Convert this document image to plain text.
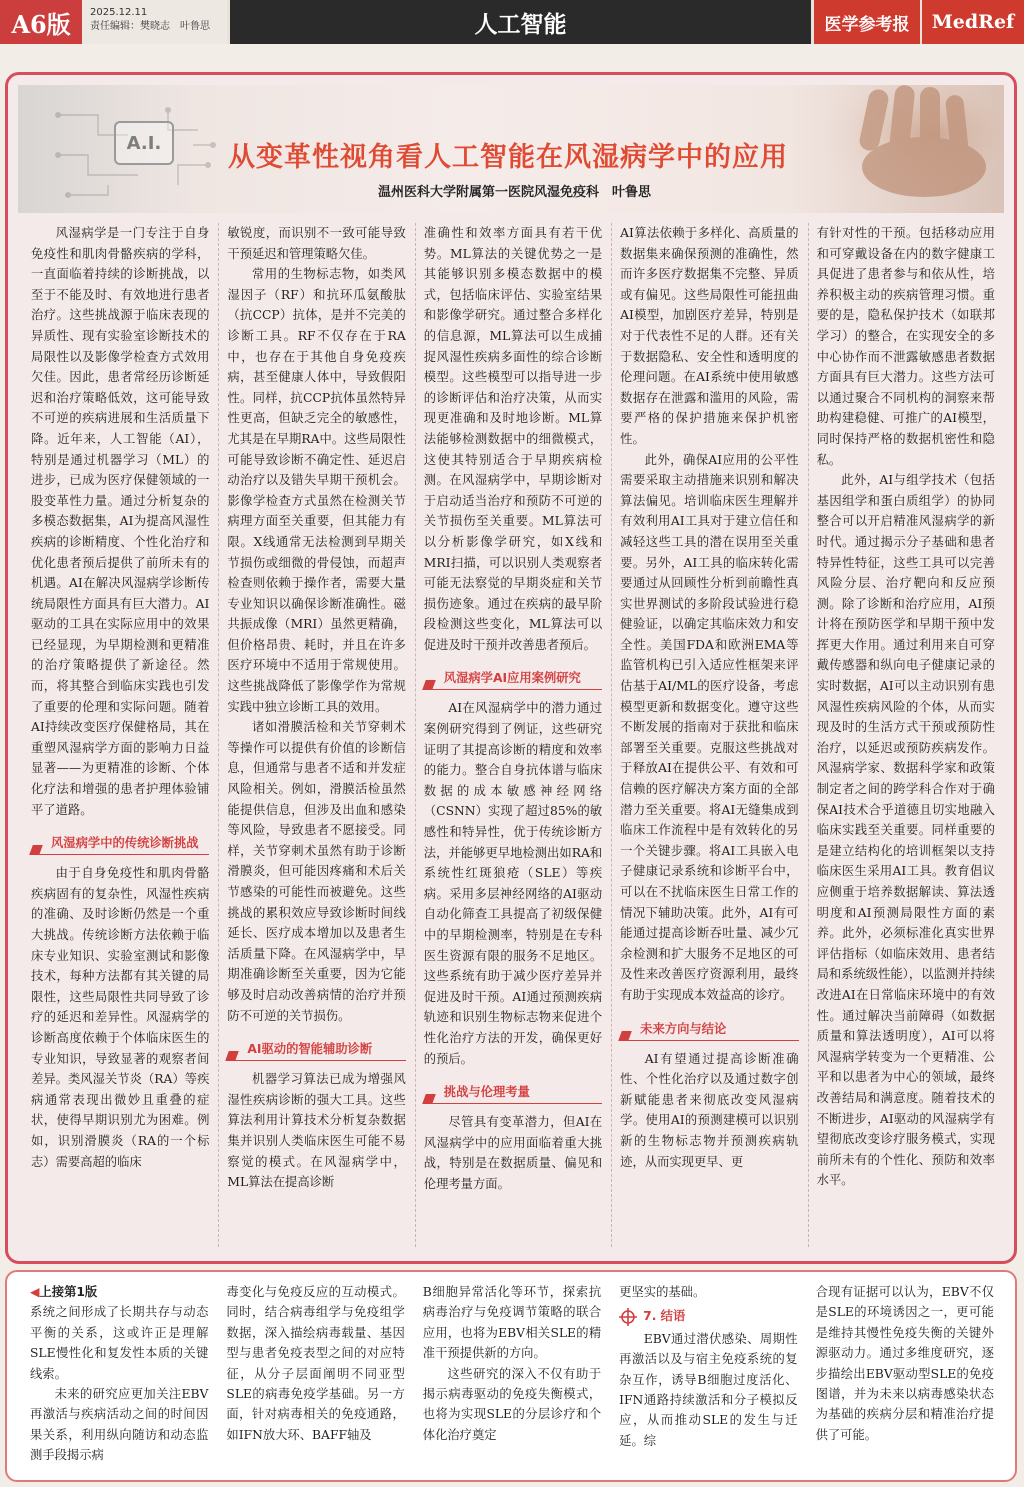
A6版	2025.12.11
责任编辑：樊晓志　叶鲁思	人工智能	医学参考报	MedRef
A.I.	从变革性视角看人工智能在风湿病学中的应用
温州医科大学附属第一医院风湿免疫科　叶鲁思

风湿病学是一门专注于自身免疫性和肌肉骨骼疾病的学科，一直面临着持续的诊断挑战，以至于不能及时、有效地进行患者治疗。这些挑战源于临床表现的异质性、现有实验室诊断技术的局限性以及影像学检查方式效用欠佳。因此，患者常经历诊断延迟和治疗策略低效，这可能导致不可逆的疾病进展和生活质量下降。近年来，人工智能（AI），特别是通过机器学习（ML）的进步，已成为医疗保健领域的一股变革性力量。通过分析复杂的多模态数据集，AI为提高风湿性疾病的诊断精度、个性化治疗和优化患者预后提供了前所未有的机遇。AI在解决风湿病学诊断传统局限性方面具有巨大潜力。AI驱动的工具在实际应用中的效果已经显现，为早期检测和更精准的治疗策略提供了新途径。然而，将其整合到临床实践也引发了重要的伦理和实际问题。随着AI持续改变医疗保健格局，其在重塑风湿病学方面的影响力日益显著——为更精准的诊断、个体化疗法和增强的患者护理体验铺平了道路。

风湿病学中的传统诊断挑战

由于自身免疫性和肌肉骨骼疾病固有的复杂性，风湿性疾病的准确、及时诊断仍然是一个重大挑战。传统诊断方法依赖于临床专业知识、实验室测试和影像技术，每种方法都有其关键的局限性，这些局限性共同导致了诊疗的延迟和差异性。风湿病学的诊断高度依赖于个体临床医生的专业知识，导致显著的观察者间差异。类风湿关节炎（RA）等疾病通常表现出微妙且重叠的症状，使得早期识别尤为困难。例如，识别滑膜炎（RA的一个标志）需要高超的临床

敏锐度，而识别不一致可能导致干预延迟和管理策略欠佳。

常用的生物标志物，如类风湿因子（RF）和抗环瓜氨酸肽（抗CCP）抗体，是并不完美的诊断工具。RF不仅存在于RA中，也存在于其他自身免疫疾病，甚至健康人体中，导致假阳性。同样，抗CCP抗体虽然特异性更高，但缺乏完全的敏感性，尤其是在早期RA中。这些局限性可能导致诊断不确定性、延迟启动治疗以及错失早期干预机会。影像学检查方式虽然在检测关节病理方面至关重要，但其能力有限。X线通常无法检测到早期关节损伤或细微的骨侵蚀，而超声检查则依赖于操作者，需要大量专业知识以确保诊断准确性。磁共振成像（MRI）虽然更精确，但价格昂贵、耗时，并且在许多医疗环境中不适用于常规使用。这些挑战降低了影像学作为常规实践中独立诊断工具的效用。

诸如滑膜活检和关节穿刺术等操作可以提供有价值的诊断信息，但通常与患者不适和并发症风险相关。例如，滑膜活检虽然能提供信息，但涉及出血和感染等风险，导致患者不愿接受。同样，关节穿刺术虽然有助于诊断滑膜炎，但可能因疼痛和术后关节感染的可能性而被避免。这些挑战的累积效应导致诊断时间线延长、医疗成本增加以及患者生活质量下降。在风湿病学中，早期准确诊断至关重要，因为它能够及时启动改善病情的治疗并预防不可逆的关节损伤。

AI驱动的智能辅助诊断

机器学习算法已成为增强风湿性疾病诊断的强大工具。这些算法利用计算技术分析复杂数据集并识别人类临床医生可能不易察觉的模式。在风湿病学中，ML算法在提高诊断

准确性和效率方面具有若干优势。ML算法的关键优势之一是其能够识别多模态数据中的模式，包括临床评估、实验室结果和影像学研究。通过整合多样化的信息源，ML算法可以生成捕捉风湿性疾病多面性的综合诊断模型。这些模型可以指导进一步的诊断评估和治疗决策，从而实现更准确和及时地诊断。ML算法能够检测数据中的细微模式，这使其特别适合于早期疾病检测。在风湿病学中，早期诊断对于启动适当治疗和预防不可逆的关节损伤至关重要。ML算法可以分析影像学研究，如X线和MRI扫描，可以识别人类观察者可能无法察觉的早期炎症和关节损伤迹象。通过在疾病的最早阶段检测这些变化，ML算法可以促进及时干预并改善患者预后。

风湿病学AI应用案例研究

AI在风湿病学中的潜力通过案例研究得到了例证，这些研究证明了其提高诊断的精度和效率的能力。整合自身抗体谱与临床数据的成本敏感神经网络（CSNN）实现了超过85%的敏感性和特异性，优于传统诊断方法，并能够更早地检测出如RA和系统性红斑狼疮（SLE）等疾病。采用多层神经网络的AI驱动自动化筛查工具提高了初级保健中的早期检测率，特别是在专科医生资源有限的服务不足地区。这些系统有助于减少医疗差异并促进及时干预。AI通过预测疾病轨迹和识别生物标志物来促进个性化治疗方法的开发，确保更好的预后。

挑战与伦理考量

尽管具有变革潜力，但AI在风湿病学中的应用面临着重大挑战，特别是在数据质量、偏见和伦理考量方面。

AI算法依赖于多样化、高质量的数据集来确保预测的准确性，然而许多医疗数据集不完整、异质或有偏见。这些局限性可能扭曲AI模型，加剧医疗差异，特别是对于代表性不足的人群。还有关于数据隐私、安全性和透明度的伦理问题。在AI系统中使用敏感数据存在泄露和滥用的风险，需要严格的保护措施来保护机密性。

此外，确保AI应用的公平性需要采取主动措施来识别和解决算法偏见。培训临床医生理解并有效利用AI工具对于建立信任和减轻这些工具的潜在误用至关重要。另外，AI工具的临床转化需要通过从回顾性分析到前瞻性真实世界测试的多阶段试验进行稳健验证，以确定其临床效力和安全性。美国FDA和欧洲EMA等监管机构已引入适应性框架来评估基于AI/ML的医疗设备，考虑模型更新和数据变化。遵守这些不断发展的指南对于获批和临床部署至关重要。克服这些挑战对于释放AI在提供公平、有效和可信赖的医疗解决方案方面的全部潜力至关重要。将AI无缝集成到临床工作流程中是有效转化的另一个关键步骤。将AI工具嵌入电子健康记录系统和诊断平台中，可以在不扰临床医生日常工作的情况下辅助决策。此外，AI有可能通过提高诊断吞吐量、减少冗余检测和扩大服务不足地区的可及性来改善医疗资源利用，最终有助于实现成本效益高的诊疗。

未来方向与结论

AI有望通过提高诊断准确性、个性化治疗以及通过数字创新赋能患者来彻底改变风湿病学。使用AI的预测建模可以识别新的生物标志物并预测疾病轨迹，从而实现更早、更

有针对性的干预。包括移动应用和可穿戴设备在内的数字健康工具促进了患者参与和依从性，培养积极主动的疾病管理习惯。重要的是，隐私保护技术（如联邦学习）的整合，在实现安全的多中心协作而不泄露敏感患者数据方面具有巨大潜力。这些方法可以通过聚合不同机构的洞察来帮助构建稳健、可推广的AI模型，同时保持严格的数据机密性和隐私。

此外，AI与组学技术（包括基因组学和蛋白质组学）的协同整合可以开启精准风湿病学的新时代。通过揭示分子基础和患者特异性特征，这些工具可以完善风险分层、治疗靶向和反应预测。除了诊断和治疗应用，AI预计将在预防医学和早期干预中发挥更大作用。通过利用来自可穿戴传感器和纵向电子健康记录的实时数据，AI可以主动识别有患风湿性疾病风险的个体，从而实现及时的生活方式干预或预防性治疗，以延迟或预防疾病发作。风湿病学家、数据科学家和政策制定者之间的跨学科合作对于确保AI技术合乎道德且切实地融入临床实践至关重要。同样重要的是建立结构化的培训框架以支持临床医生采用AI工具。教育倡议应侧重于培养数据解读、算法透明度和AI预测局限性方面的素养。此外，必须标准化真实世界评估指标（如临床效用、患者结局和系统级性能），以监测并持续改进AI在日常临床环境中的有效性。通过解决当前障碍（如数据质量和算法透明度），AI可以将风湿病学转变为一个更精准、公平和以患者为中心的领域，最终改善结局和满意度。随着技术的不断进步，AI驱动的风湿病学有望彻底改变诊疗服务模式，实现前所未有的个性化、预防和效率水平。

◀上接第1版

系统之间形成了长期共存与动态平衡的关系，这或许正是理解SLE慢性化和复发性本质的关键线索。

未来的研究应更加关注EBV再激活与疾病活动之间的时间因果关系，利用纵向随访和动态监测手段揭示病

毒变化与免疫反应的互动模式。同时，结合病毒组学与免疫组学数据，深入描绘病毒载量、基因型与患者免疫表型之间的对应特征，从分子层面阐明不同亚型SLE的病毒免疫学基础。另一方面，针对病毒相关的免疫通路，如IFN放大环、BAFF轴及

B细胞异常活化等环节，探索抗病毒治疗与免疫调节策略的联合应用，也将为EBV相关SLE的精准干预提供新的方向。

这些研究的深入不仅有助于揭示病毒驱动的免疫失衡模式，也将为实现SLE的分层诊疗和个体化治疗奠定

更坚实的基础。

7. 结语

EBV通过潜伏感染、周期性再激活以及与宿主免疫系统的复杂互作，诱导B细胞过度活化、IFN通路持续激活和分子模拟反应，从而推动SLE的发生与迁延。综

合现有证据可以认为，EBV不仅是SLE的环境诱因之一，更可能是维持其慢性免疫失衡的关键外源驱动力。通过多维度研究，逐步描绘出EBV驱动型SLE的免疫图谱，并为未来以病毒感染状态为基础的疾病分层和精准治疗提供了可能。
